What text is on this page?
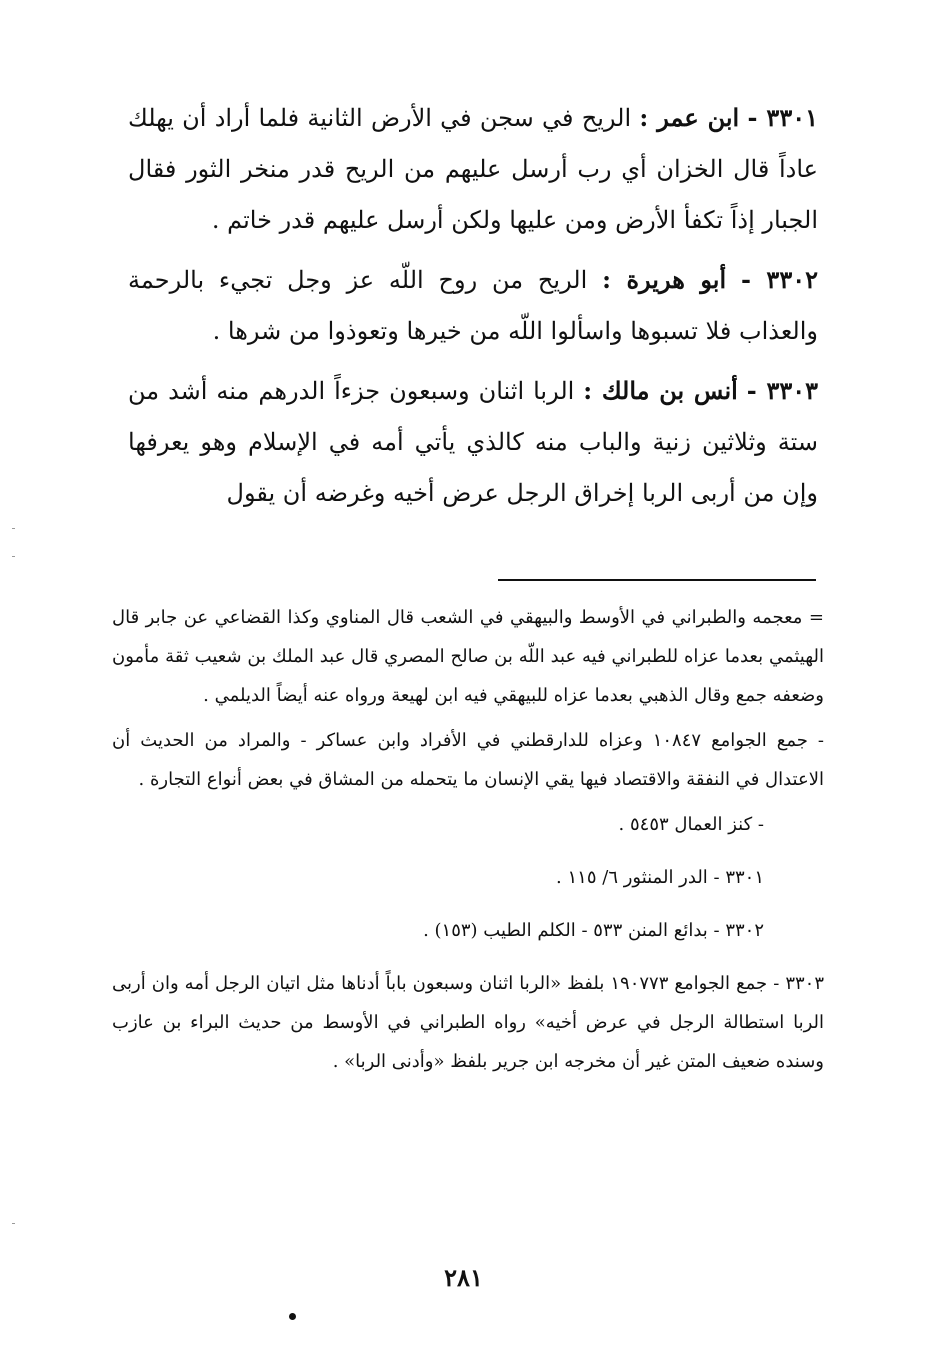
٣٣٠١ - ابن عمر : الريح في سجن في الأرض الثانية فلما أراد أن يهلك عاداً قال الخزان أي رب أرسل عليهم من الريح قدر منخر الثور فقال الجبار إذاً تكفأ الأرض ومن عليها ولكن أرسل عليهم قدر خاتم .

٣٣٠٢ - أبو هريرة : الريح من روح اللّه عز وجل تجيء بالرحمة والعذاب فلا تسبوها واسألوا اللّه من خيرها وتعوذوا من شرها .

٣٣٠٣ - أنس بن مالك : الربا اثنان وسبعون جزءاً الدرهم منه أشد من ستة وثلاثين زنية والباب منه كالذي يأتي أمه في الإسلام وهو يعرفها وإن من أربى الربا إخراق الرجل عرض أخيه وغرضه أن يقول

= معجمه والطبراني في الأوسط والبيهقي في الشعب قال المناوي وكذا القضاعي عن جابر قال الهيثمي بعدما عزاه للطبراني فيه عبد اللّه بن صالح المصري قال عبد الملك بن شعيب ثقة مأمون وضعفه جمع وقال الذهبي بعدما عزاه للبيهقي فيه ابن لهيعة ورواه عنه أيضاً الديلمي .

- جمع الجوامع ١٠٨٤٧ وعزاه للدارقطني في الأفراد وابن عساكر - والمراد من الحديث أن الاعتدال في النفقة والاقتصاد فيها يقي الإنسان ما يتحمله من المشاق في بعض أنواع التجارة .

- كنز العمال ٥٤٥٣ .

٣٣٠١ - الدر المنثور ٦/ ١١٥ .

٣٣٠٢ - بدائع المنن ٥٣٣ - الكلم الطيب (١٥٣) .

٣٣٠٣ - جمع الجوامع ١٩٠٧٧٣ بلفظ «الربا اثنان وسبعون باباً أدناها مثل اتيان الرجل أمه وان أربى الربا استطالة الرجل في عرض أخيه» رواه الطبراني في الأوسط من حديث البراء بن عازب وسنده ضعيف المتن غير أن مخرجه ابن جرير بلفظ «وأدنى الربا» .

٢٨١
